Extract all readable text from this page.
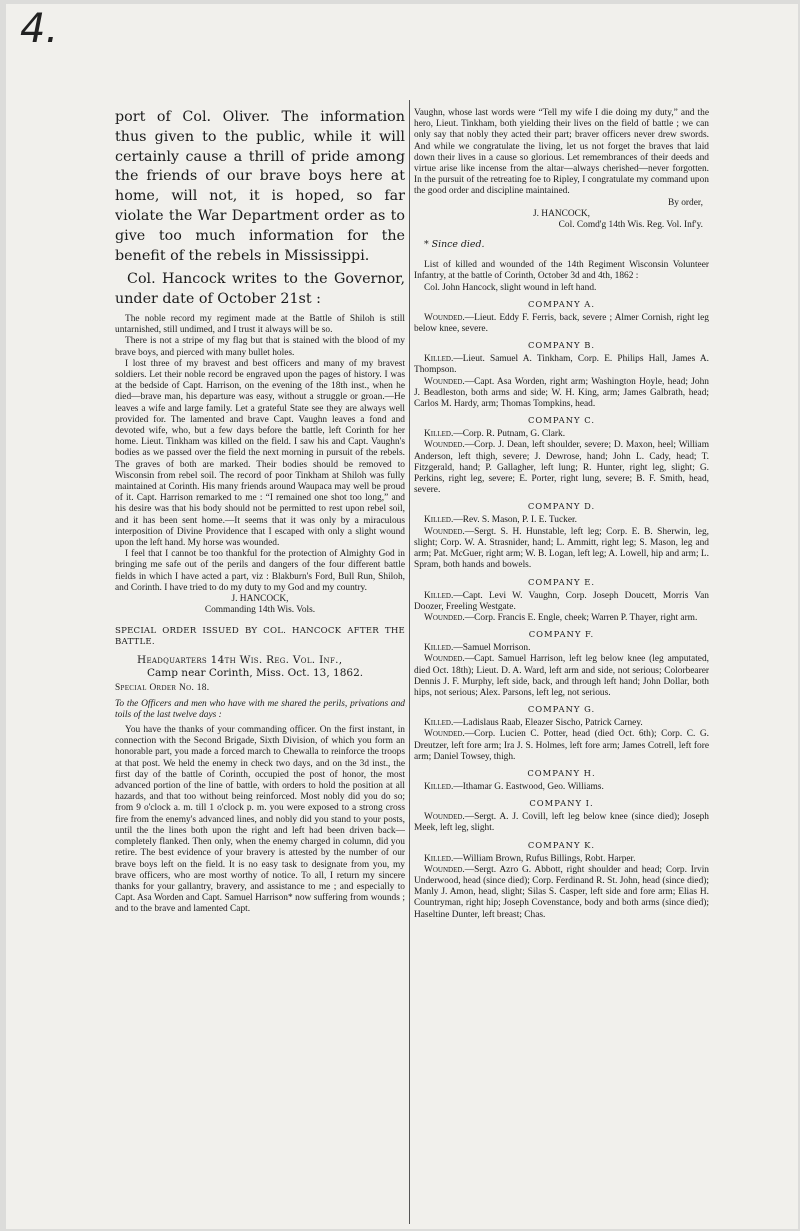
4.

port of Col. Oliver. The information thus given to the public, while it will certainly cause a thrill of pride among the friends of our brave boys here at home, will not, it is hoped, so far violate the War Department order as to give too much information for the benefit of the rebels in Mississippi.

Col. Hancock writes to the Governor, under date of October 21st :

The noble record my regiment made at the Battle of Shiloh is still untarnished, still undimed, and I trust it always will be so.

There is not a stripe of my flag but that is stained with the blood of my brave boys, and pierced with many bullet holes.

I lost three of my bravest and best officers and many of my bravest soldiers. Let their noble record be engraved upon the pages of history. I was at the bedside of Capt. Harrison, on the evening of the 18th inst., when he died—brave man, his departure was easy, without a struggle or groan.—He leaves a wife and large family. Let a grateful State see they are always well provided for. The lamented and brave Capt. Vaughn leaves a fond and devoted wife, who, but a few days before the battle, left Corinth for her home. Lieut. Tinkham was killed on the field. I saw his and Capt. Vaughn's bodies as we passed over the field the next morning in pursuit of the rebels. The graves of both are marked. Their bodies should be removed to Wisconsin from rebel soil. The record of poor Tinkham at Shiloh was fully maintained at Corinth. His many friends around Waupaca may well be proud of it. Capt. Harrison remarked to me : “I remained one shot too long,” and his desire was that his body should not be permitted to rest upon rebel soil, and it has been sent home.—It seems that it was only by a miraculous interposition of Divine Providence that I escaped with only a slight wound upon the left hand. My horse was wounded.

I feel that I cannot be too thankful for the protection of Almighty God in bringing me safe out of the perils and dangers of the four different battle fields in which I have acted a part, viz : Blakburn's Ford, Bull Run, Shiloh, and Corinth. I have tried to do my duty to my God and my country.

J. HANCOCK,
Commanding 14th Wis. Vols.

SPECIAL ORDER ISSUED BY COL. HANCOCK AFTER THE BATTLE.

Headquarters 14th Wis. Reg. Vol. Inf.,
Camp near Corinth, Miss. Oct. 13, 1862.
Special Order No. 18.

To the Officers and men who have with me shared the perils, privations and toils of the last twelve days :

You have the thanks of your commanding officer. On the first instant, in connection with the Second Brigade, Sixth Division, of which you form an honorable part, you made a forced march to Chewalla to reinforce the troops at that post. We held the enemy in check two days, and on the 3d inst., the first day of the battle of Corinth, occupied the post of honor, the most advanced portion of the line of battle, with orders to hold the position at all hazards, and that too without being reinforced. Most nobly did you do so; from 9 o'clock a. m. till 1 o'clock p. m. you were exposed to a strong cross fire from the enemy's advanced lines, and nobly did you stand to your posts, until the the lines both upon the right and left had been driven back—completely flanked. Then only, when the enemy charged in column, did you retire. The best evidence of your bravery is attested by the number of our brave boys left on the field. It is no easy task to designate from you, my brave officers, who are most worthy of notice. To all, I return my sincere thanks for your gallantry, bravery, and assistance to me ; and especially to Capt. Asa Worden and Capt. Samuel Harrison* now suffering from wounds ; and to the brave and lamented Capt.

Vaughn, whose last words were “Tell my wife I die doing my duty,” and the hero, Lieut. Tinkham, both yielding their lives on the field of battle ; we can only say that nobly they acted their part; braver officers never drew swords. And while we congratulate the living, let us not forget the braves that laid down their lives in a cause so glorious. Let remembrances of their deeds and virtue arise like incense from the altar—always cherished—never forgotten. In the pursuit of the retreating foe to Ripley, I congratulate my command upon the good order and discipline maintained.

By order,
J. HANCOCK,
Col. Comd'g 14th Wis. Reg. Vol. Inf'y.
* Since died.

List of killed and wounded of the 14th Regiment Wisconsin Volunteer Infantry, at the battle of Corinth, October 3d and 4th, 1862 :

Col. John Hancock, slight wound in left hand.

COMPANY A.

Wounded.—Lieut. Eddy F. Ferris, back, severe ; Almer Cornish, right leg below knee, severe.

COMPANY B.

Killed.—Lieut. Samuel A. Tinkham, Corp. E. Philips Hall, James A. Thompson.

Wounded.—Capt. Asa Worden, right arm; Washington Hoyle, head; John J. Beadleston, both arms and side; W. H. King, arm; James Galbrath, head; Carlos M. Hardy, arm; Thomas Tompkins, head.

COMPANY C.

Killed.—Corp. R. Putnam, G. Clark.

Wounded.—Corp. J. Dean, left shoulder, severe; D. Maxon, heel; William Anderson, left thigh, severe; J. Dewrose, hand; John L. Cady, head; T. Fitzgerald, hand; P. Gallagher, left lung; R. Hunter, right leg, slight; G. Perkins, right leg, severe; E. Porter, right lung, severe; B. F. Smith, head, severe.

COMPANY D.

Killed.—Rev. S. Mason, P. I. E. Tucker.

Wounded.—Sergt. S. H. Hunstable, left leg; Corp. E. B. Sherwin, leg, slight; Corp. W. A. Strasnider, hand; L. Ammitt, right leg; S. Mason, leg and arm; Pat. McGuer, right arm; W. B. Logan, left leg; A. Lowell, hip and arm; L. Spram, both hands and bowels.

COMPANY E.

Killed.—Capt. Levi W. Vaughn, Corp. Joseph Doucett, Morris Van Doozer, Freeling Westgate.

Wounded.—Corp. Francis E. Engle, cheek; Warren P. Thayer, right arm.

COMPANY F.

Killed.—Samuel Morrison.

Wounded.—Capt. Samuel Harrison, left leg below knee (leg amputated, died Oct. 18th); Lieut. D. A. Ward, left arm and side, not serious; Colorbearer Dennis J. F. Murphy, left side, back, and through left hand; John Dollar, both hips, not serious; Alex. Parsons, left leg, not serious.

COMPANY G.

Killed.—Ladislaus Raab, Eleazer Sischo, Patrick Carney.

Wounded.—Corp. Lucien C. Potter, head (died Oct. 6th); Corp. C. G. Dreutzer, left fore arm; Ira J. S. Holmes, left fore arm; James Cotrell, left fore arm; Daniel Towsey, thigh.

COMPANY H.

Killed.—Ithamar G. Eastwood, Geo. Williams.

COMPANY I.

Wounded.—Sergt. A. J. Covill, left leg below knee (since died); Joseph Meek, left leg, slight.

COMPANY K.

Killed.—William Brown, Rufus Billings, Robt. Harper.

Wounded.—Sergt. Azro G. Abbott, right shoulder and head; Corp. Irvin Underwood, head (since died); Corp. Ferdinand R. St. John, head (since died); Manly J. Amon, head, slight; Silas S. Casper, left side and fore arm; Elias H. Countryman, right hip; Joseph Covenstance, body and both arms (since died); Haseltine Dunter, left breast; Chas.
